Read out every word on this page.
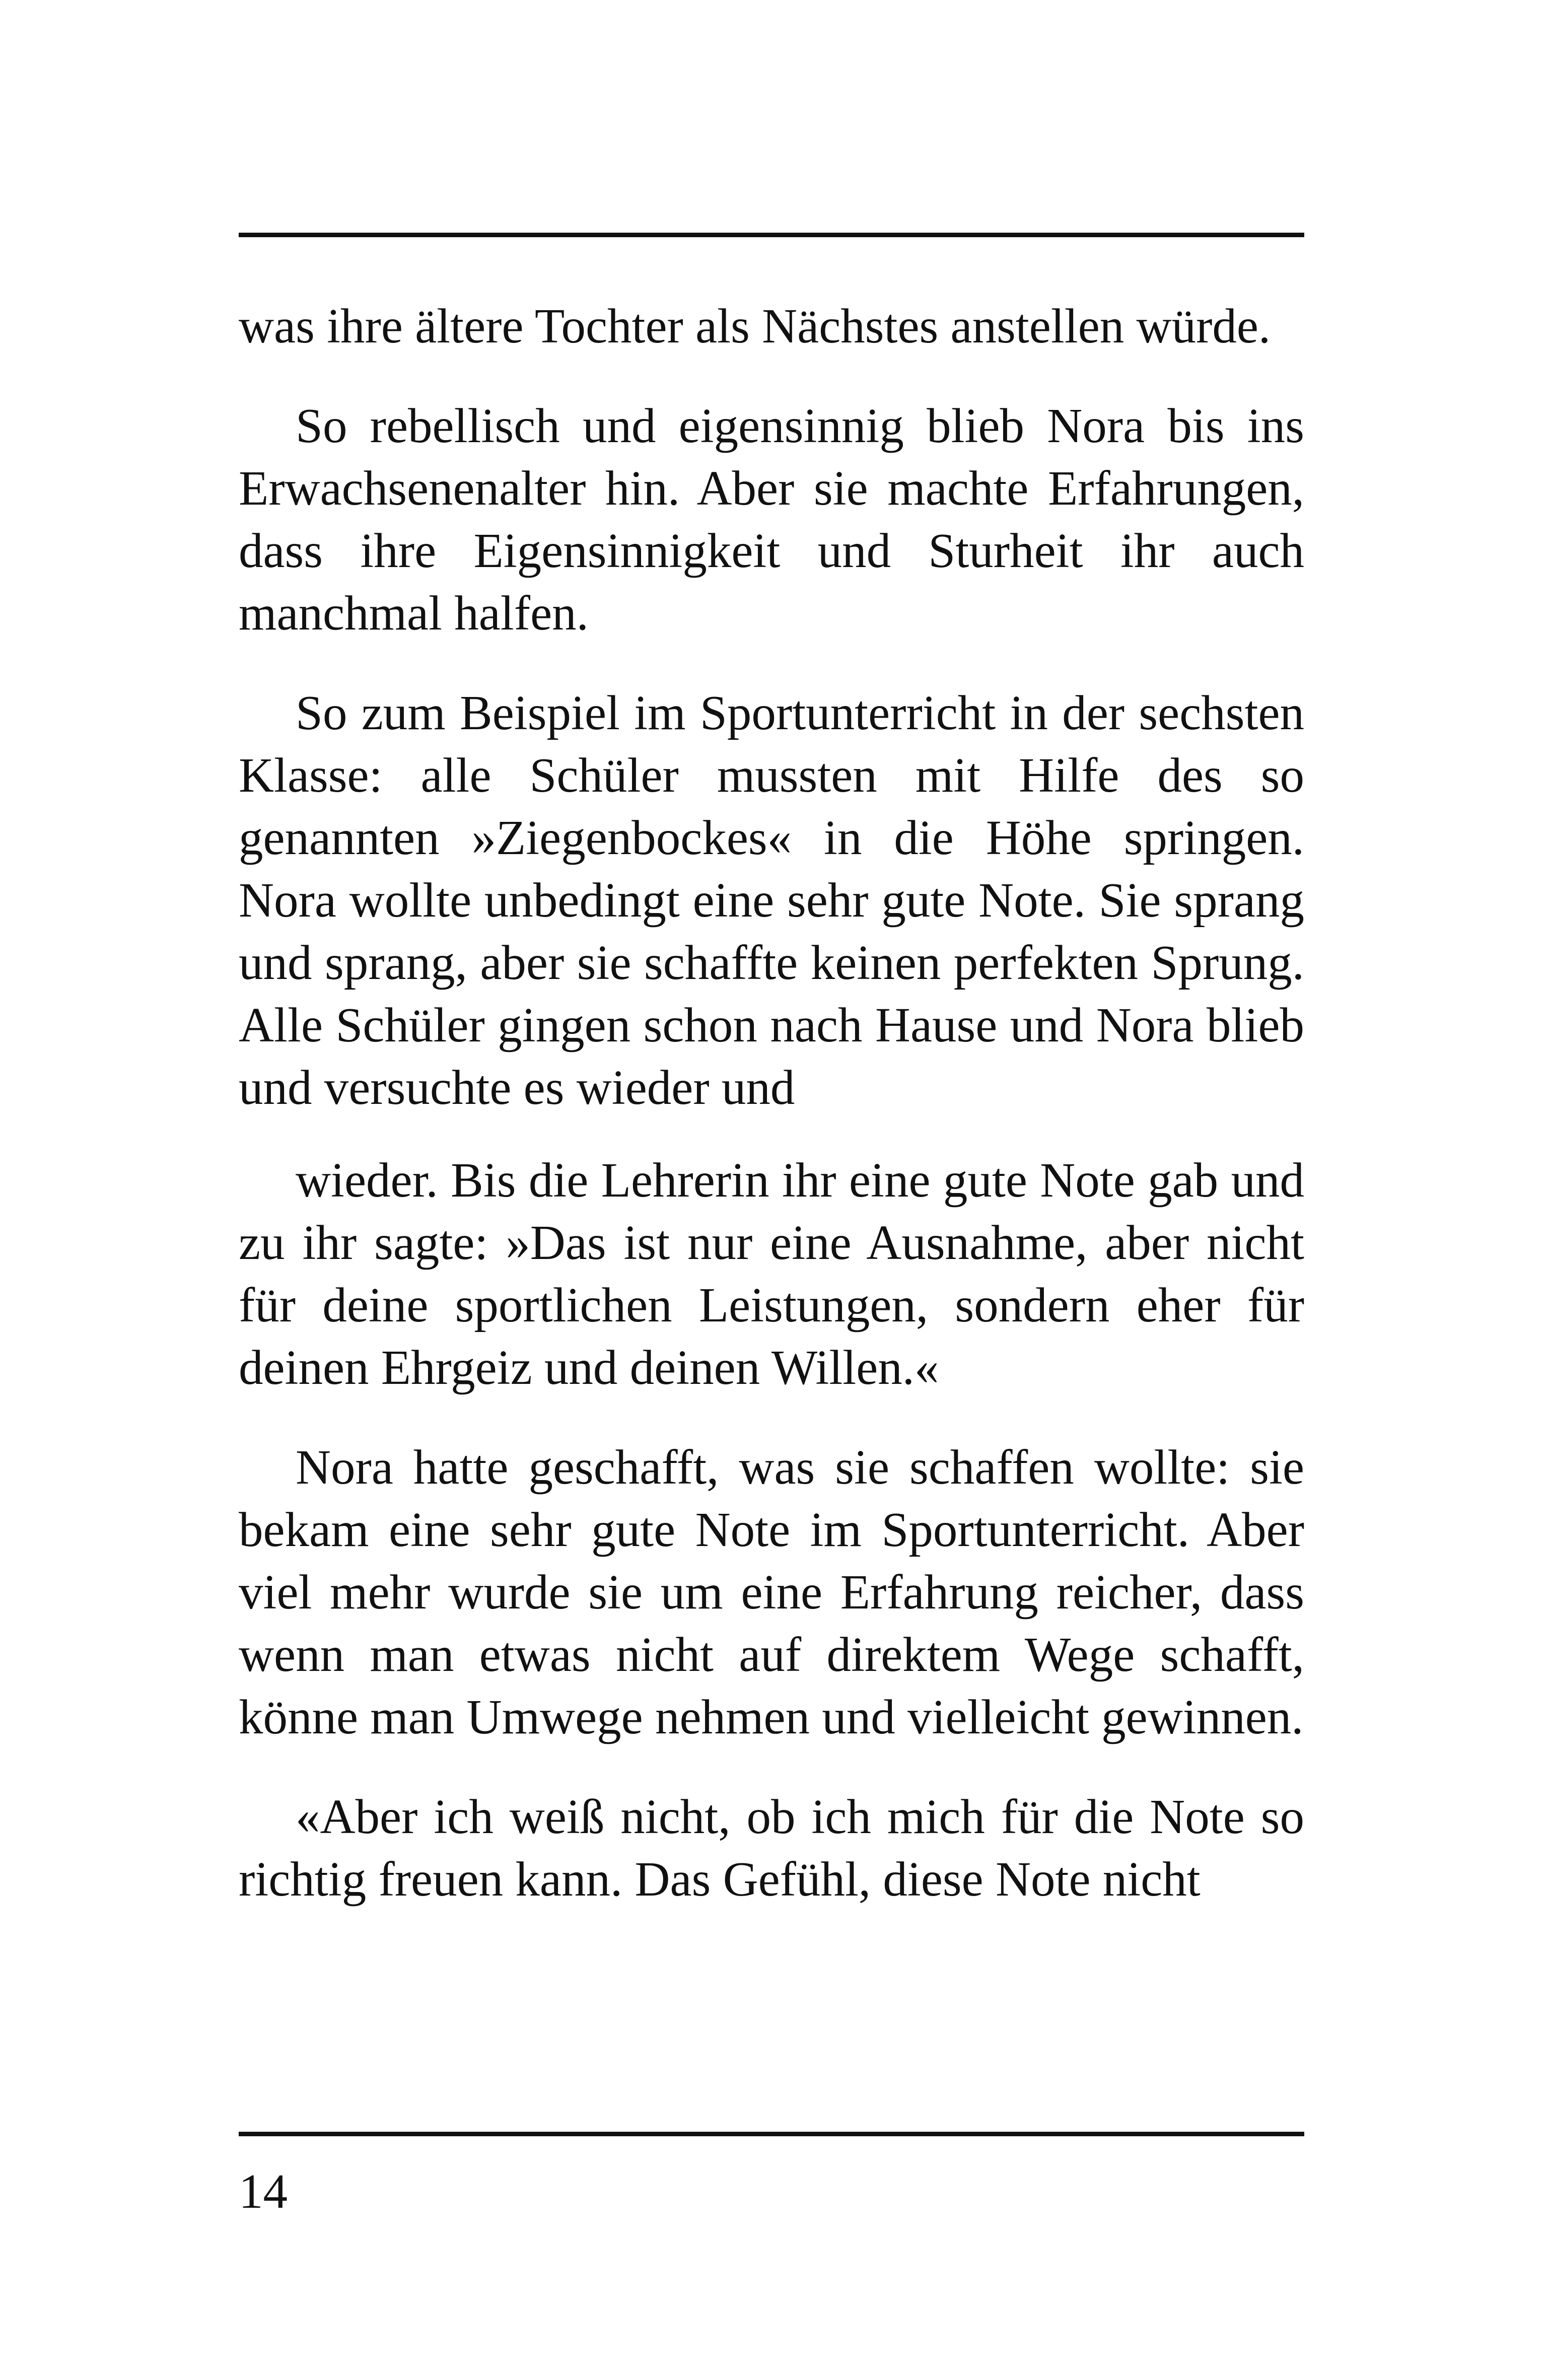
was ihre ältere Tochter als Nächstes anstellen würde.

So rebellisch und eigensinnig blieb Nora bis ins Erwachsenenalter hin. Aber sie machte Erfahrungen, dass ihre Eigensinnigkeit und Sturheit ihr auch manchmal halfen.

So zum Beispiel im Sportunterricht in der sechsten Klasse: alle Schüler mussten mit Hilfe des so genannten »Ziegenbockes« in die Höhe springen. Nora wollte unbedingt eine sehr gute Note. Sie sprang und sprang, aber sie schaffte keinen perfekten Sprung. Alle Schüler gingen schon nach Hause und Nora blieb und versuchte es wieder und

wieder. Bis die Lehrerin ihr eine gute Note gab und zu ihr sagte: »Das ist nur eine Ausnahme, aber nicht für deine sportlichen Leistungen, sondern eher für deinen Ehrgeiz und deinen Willen.«

Nora hatte geschafft, was sie schaffen wollte: sie bekam eine sehr gute Note im Sportunterricht. Aber viel mehr wurde sie um eine Erfahrung reicher, dass wenn man etwas nicht auf direktem Wege schafft, könne man Umwege nehmen und vielleicht gewinnen.

«Aber ich weiß nicht, ob ich mich für die Note so richtig freuen kann. Das Gefühl, diese Note nicht

14
